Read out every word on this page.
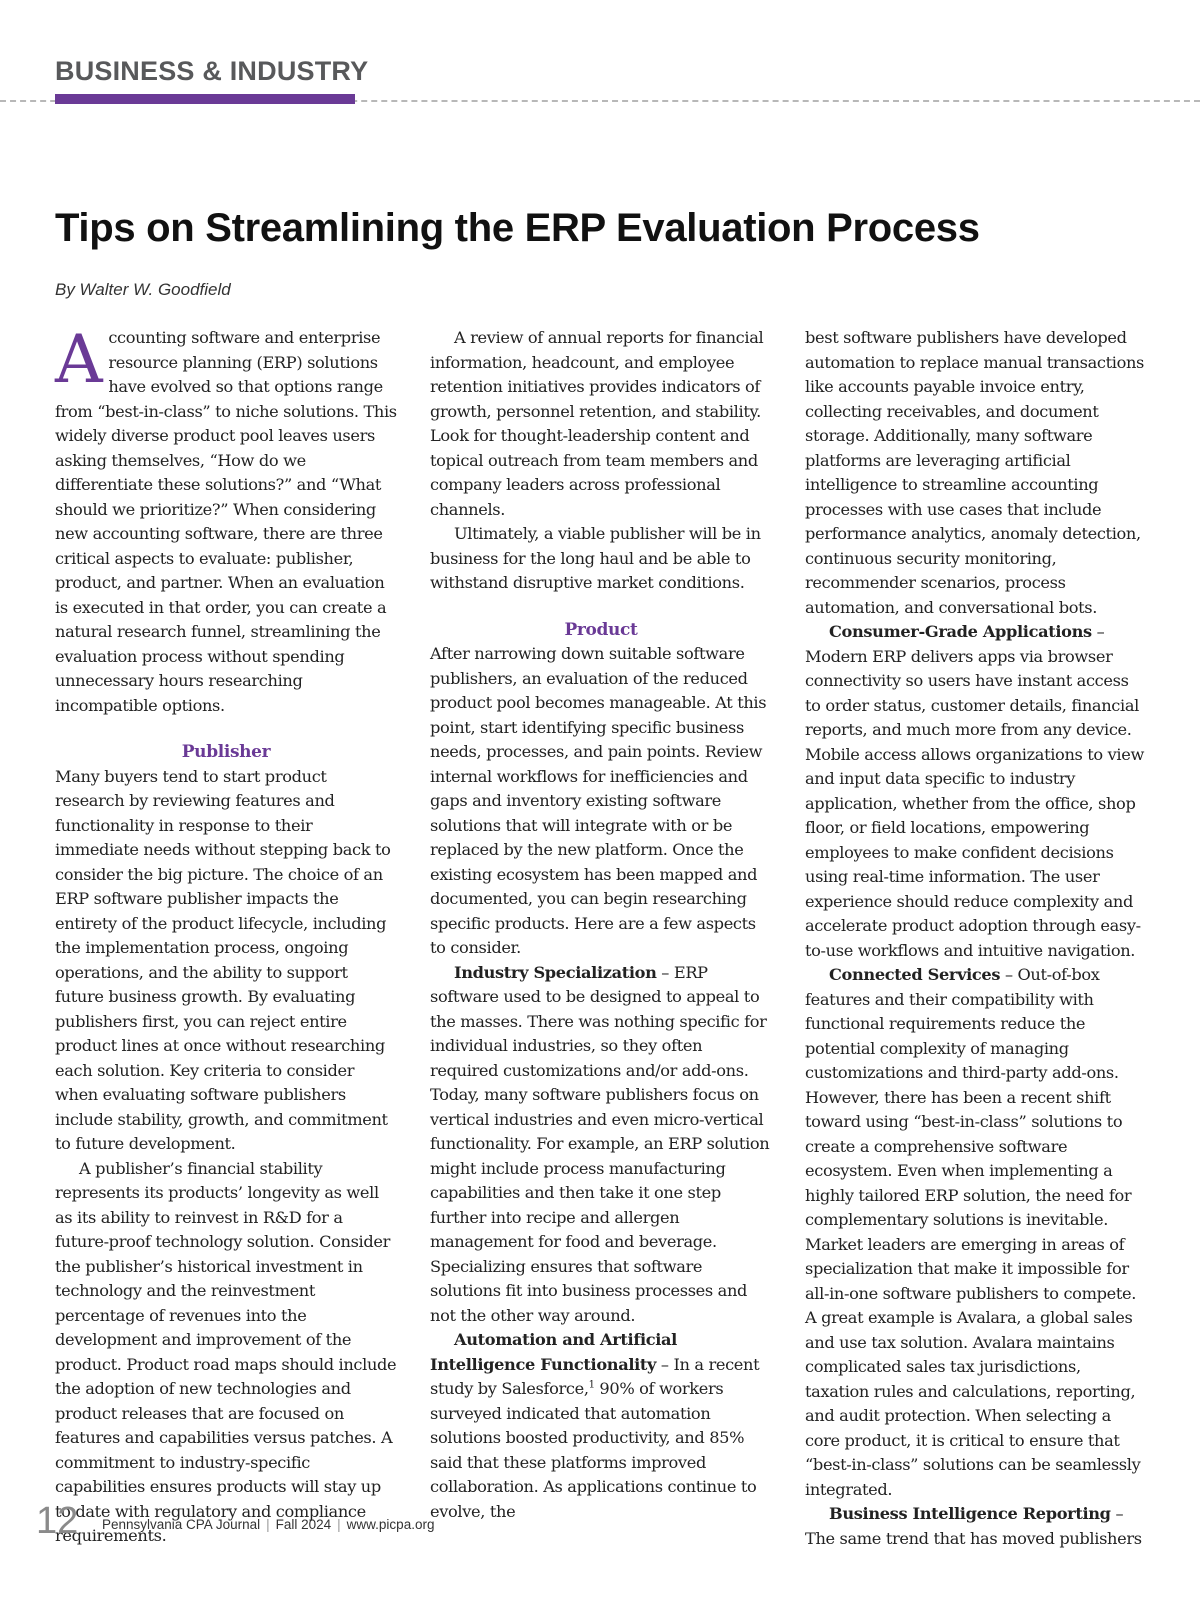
BUSINESS & INDUSTRY
Tips on Streamlining the ERP Evaluation Process
By Walter W. Goodfield

Accounting software and enterprise resource planning (ERP) solutions have evolved so that options range from “best-in-class” to niche solutions. This widely diverse product pool leaves users asking themselves, “How do we differentiate these solutions?” and “What should we prioritize?” When considering new accounting software, there are three critical aspects to evaluate: publisher, product, and partner. When an evaluation is executed in that order, you can create a natural research funnel, streamlining the evaluation process without spending unnecessary hours researching incompatible options.

Publisher

Many buyers tend to start product research by reviewing features and functionality in response to their immediate needs without stepping back to consider the big picture. The choice of an ERP software publisher impacts the entirety of the product lifecycle, including the implementation process, ongoing operations, and the ability to support future business growth. By evaluating publishers first, you can reject entire product lines at once without researching each solution. Key criteria to consider when evaluating software publishers include stability, growth, and commitment to future development.

A publisher’s financial stability represents its products’ longevity as well as its ability to reinvest in R&D for a future-proof technology solution. Consider the publisher’s historical investment in technology and the reinvestment percentage of revenues into the development and improvement of the product. Product road maps should include the adoption of new technologies and product releases that are focused on features and capabilities versus patches. A commitment to industry-specific capabilities ensures products will stay up to date with regulatory and compliance requirements.

A review of annual reports for financial information, headcount, and employee retention initiatives provides indicators of growth, personnel retention, and stability. Look for thought-leadership content and topical outreach from team members and company leaders across professional channels.

Ultimately, a viable publisher will be in business for the long haul and be able to withstand disruptive market conditions.

Product

After narrowing down suitable software publishers, an evaluation of the reduced product pool becomes manageable. At this point, start identifying specific business needs, processes, and pain points. Review internal workflows for inefficiencies and gaps and inventory existing software solutions that will integrate with or be replaced by the new platform. Once the existing ecosystem has been mapped and documented, you can begin researching specific products. Here are a few aspects to consider.

Industry Specialization – ERP software used to be designed to appeal to the masses. There was nothing specific for individual industries, so they often required customizations and/or add-ons. Today, many software publishers focus on vertical industries and even micro-vertical functionality. For example, an ERP solution might include process manufacturing capabilities and then take it one step further into recipe and allergen management for food and beverage. Specializing ensures that software solutions fit into business processes and not the other way around.

Automation and Artificial Intelligence Functionality – In a recent study by Salesforce,$^1$ 90% of workers surveyed indicated that automation solutions boosted productivity, and 85% said that these platforms improved collaboration. As applications continue to evolve, the

best software publishers have developed automation to replace manual transactions like accounts payable invoice entry, collecting receivables, and document storage. Additionally, many software platforms are leveraging artificial intelligence to streamline accounting processes with use cases that include performance analytics, anomaly detection, continuous security monitoring, recommender scenarios, process automation, and conversational bots.

Consumer-Grade Applications – Modern ERP delivers apps via browser connectivity so users have instant access to order status, customer details, financial reports, and much more from any device. Mobile access allows organizations to view and input data specific to industry application, whether from the office, shop floor, or field locations, empowering employees to make confident decisions using real-time information. The user experience should reduce complexity and accelerate product adoption through easy-to-use workflows and intuitive navigation.

Connected Services – Out-of-box features and their compatibility with functional requirements reduce the potential complexity of managing customizations and third-party add-ons. However, there has been a recent shift toward using “best-in-class” solutions to create a comprehensive software ecosystem. Even when implementing a highly tailored ERP solution, the need for complementary solutions is inevitable. Market leaders are emerging in areas of specialization that make it impossible for all-in-one software publishers to compete. A great example is Avalara, a global sales and use tax solution. Avalara maintains complicated sales tax jurisdictions, taxation rules and calculations, reporting, and audit protection. When selecting a core product, it is critical to ensure that “best-in-class” solutions can be seamlessly integrated.

Business Intelligence Reporting – The same trend that has moved publishers

12 Pennsylvania CPA Journal | Fall 2024 | www.picpa.org
